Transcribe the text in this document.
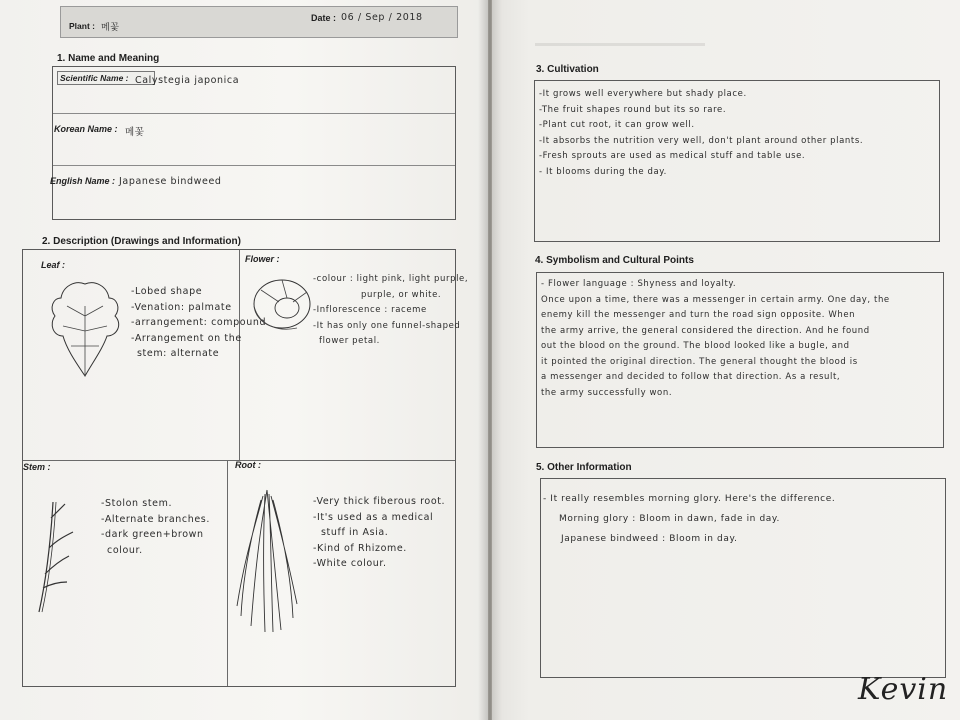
▬▬▬▬▬▬▬▬▬▬▬▬▬▬▬▬▬
Plant : 메꽃
Date : 06 / Sep / 2018
1. Name and Meaning
Scientific Name : Calystegia japonica
Korean Name : 메꽃
English Name : Japanese bindweed
2. Description (Drawings and Information)
Leaf :

-Lobed shape

-Venation: palmate

-arrangement: compound

-Arrangement on the

stem: alternate

Flower :

-colour : light pink, light purple,

purple, or white.

-Inflorescence : raceme

-It has only one funnel-shaped

flower petal.

Stem :

-Stolon stem.

-Alternate branches.

-dark green+brown

colour.

Root :

-Very thick fiberous root.

-It's used as a medical

stuff in Asia.

-Kind of Rhizome.

-White colour.

3. Cultivation

-It grows well everywhere but shady place.

-The fruit shapes round but its so rare.

-Plant cut root, it can grow well.

-It absorbs the nutrition very well, don't plant around other plants.

-Fresh sprouts are used as medical stuff and table use.

- It blooms during the day.

4. Symbolism and Cultural Points

- Flower language : Shyness and loyalty.

Once upon a time, there was a messenger in certain army. One day, the

enemy kill the messenger and turn the road sign opposite. When

the army arrive, the general considered the direction. And he found

out the blood on the ground. The blood looked like a bugle, and

it pointed the original direction. The general thought the blood is

a messenger and decided to follow that direction. As a result,

the army successfully won.

5. Other Information

- It really resembles morning glory. Here's the difference.

Morning glory : Bloom in dawn, fade in day.

Japanese bindweed : Bloom in day.

Kevin
